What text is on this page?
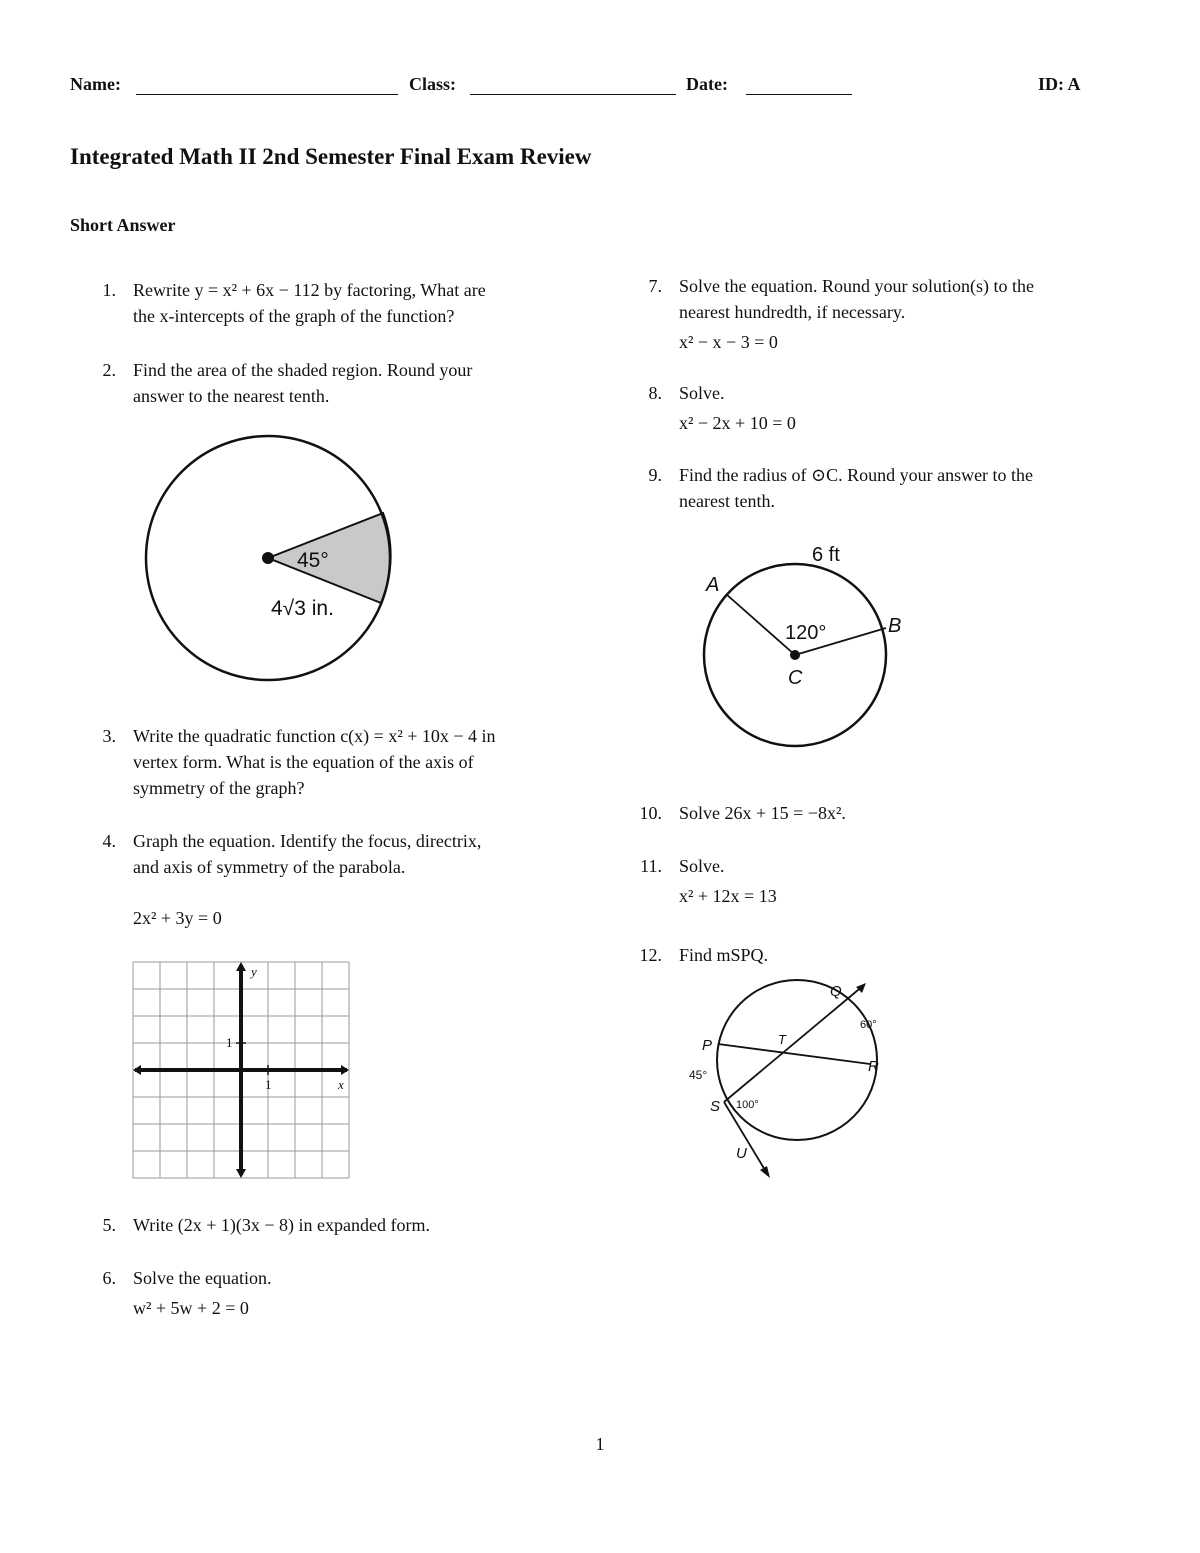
Name:	Class:	Date:	ID: A
Integrated Math II 2nd Semester Final Exam Review
Short Answer
1. Rewrite y = x² + 6x − 112 by factoring, What are
the x-intercepts of the graph of the function?
2. Find the area of the shaded region. Round your
answer to the nearest tenth.
45°
4√3 in.
3. Write the quadratic function c(x) = x² + 10x − 4 in
vertex form. What is the equation of the axis of
symmetry of the graph?
4. Graph the equation. Identify the focus, directrix,
and axis of symmetry of the parabola.
2x² + 3y = 0
y
x
1
1
5. Write (2x + 1)(3x − 8) in expanded form.
6. Solve the equation.
w² + 5w + 2 = 0
7. Solve the equation. Round your solution(s) to the
nearest hundredth, if necessary.
x² − x − 3 = 0
8. Solve.
x² − 2x + 10 = 0
9. Find the radius of ⊙C. Round your answer to the
nearest tenth.
6 ft
A
B
C
120°
10. Solve 26x + 15 = −8x².
11. Solve.
x² + 12x = 13
12. Find mSPQ.
Q
P
R
T
S
U
60°
45°
100°
1
